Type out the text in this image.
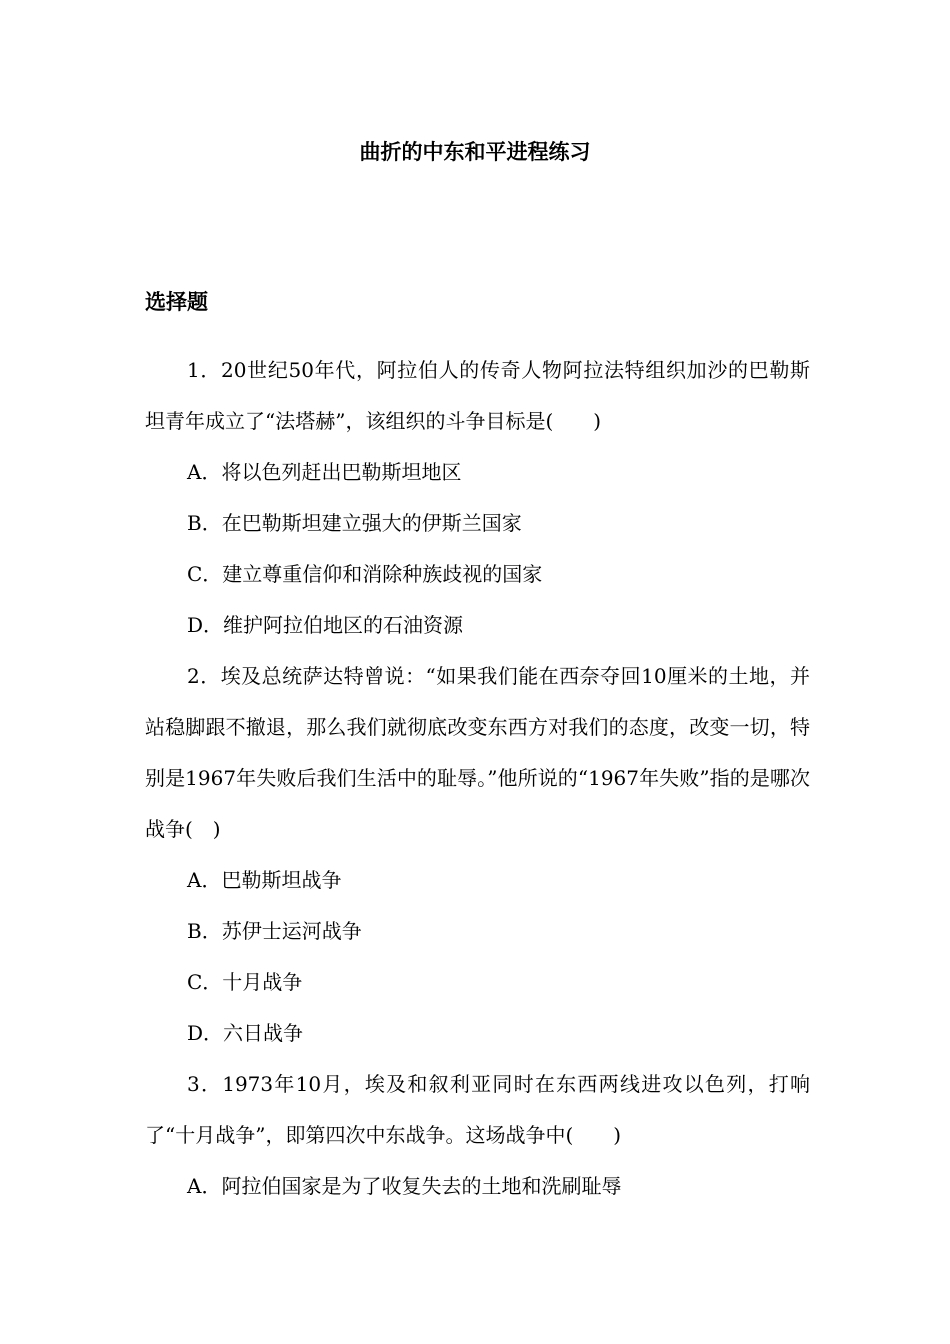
曲折的中东和平进程练习
选择题

1．20世纪50年代，阿拉伯人的传奇人物阿拉法特组织加沙的巴勒斯坦青年成立了“法塔赫”，该组织的斗争目标是(　　)

A．将以色列赶出巴勒斯坦地区

B．在巴勒斯坦建立强大的伊斯兰国家

C．建立尊重信仰和消除种族歧视的国家

D．维护阿拉伯地区的石油资源

2．埃及总统萨达特曾说：“如果我们能在西奈夺回10厘米的土地，并站稳脚跟不撤退，那么我们就彻底改变东西方对我们的态度，改变一切，特别是1967年失败后我们生活中的耻辱。”他所说的“1967年失败”指的是哪次战争(　)

A．巴勒斯坦战争

B．苏伊士运河战争

C．十月战争

D．六日战争

3．1973年10月，埃及和叙利亚同时在东西两线进攻以色列，打响了“十月战争”，即第四次中东战争。这场战争中(　　)

A．阿拉伯国家是为了收复失去的土地和洗刷耻辱
